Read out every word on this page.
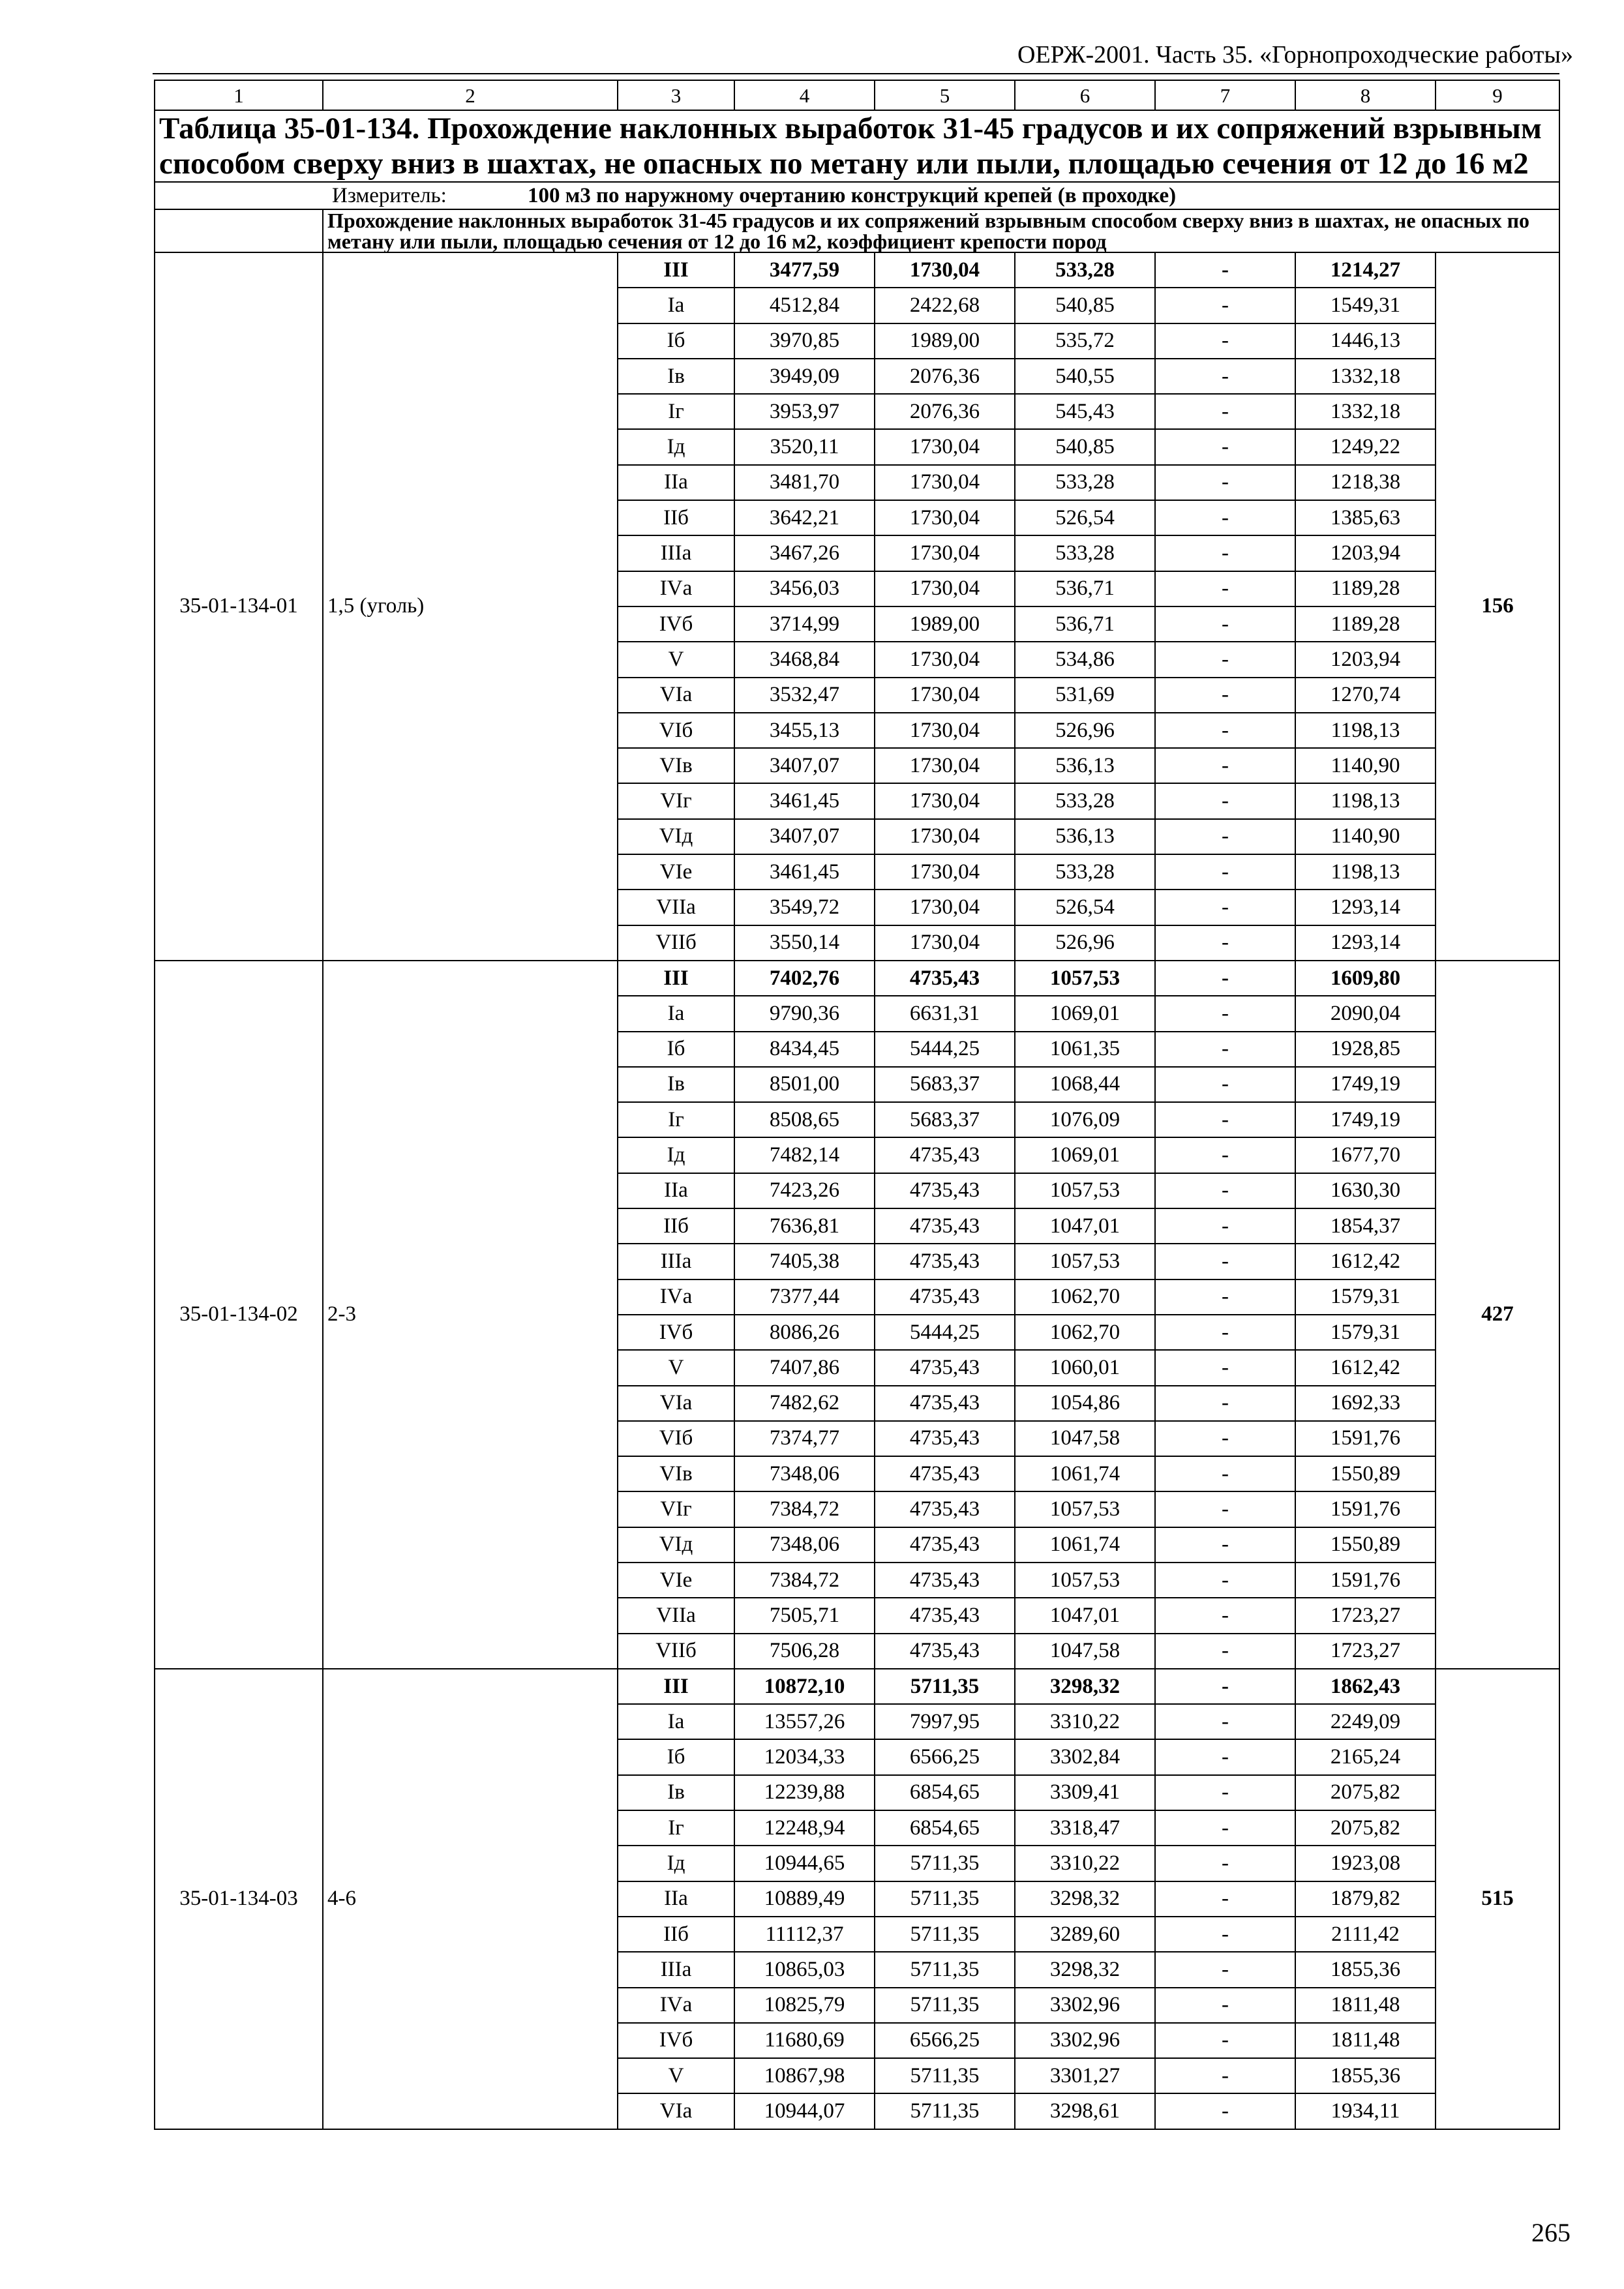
ОЕРЖ-2001. Часть 35. «Горнопроходческие работы»
1	2	3	4	5	6	7	8	9

Таблица 35-01-134. Прохождение наклонных выработок 31-45 градусов и их сопряжений взрывным способом сверху вниз в шахтах, не опасных по метану или пыли, площадью сечения от 12 до 16 м2								

Измеритель: 100 м3 по наружному очертанию конструкций крепей (в проходке)								
	Прохождение наклонных выработок 31-45 градусов и их сопряжений взрывным способом сверху вниз в шахтах, не опасных по метану или пыли, площадью сечения от 12 до 16 м2, коэффициент крепости пород							
35-01-134-01	1,5 (уголь)	III	3477,59	1730,04	533,28	-	1214,27	156
		Iа	4512,84	2422,68	540,85	-	1549,31	
		Iб	3970,85	1989,00	535,72	-	1446,13	
		Iв	3949,09	2076,36	540,55	-	1332,18	
		Iг	3953,97	2076,36	545,43	-	1332,18	
		Iд	3520,11	1730,04	540,85	-	1249,22	
		IIа	3481,70	1730,04	533,28	-	1218,38	
		IIб	3642,21	1730,04	526,54	-	1385,63	
		IIIа	3467,26	1730,04	533,28	-	1203,94	
		IVа	3456,03	1730,04	536,71	-	1189,28	
		IVб	3714,99	1989,00	536,71	-	1189,28	
		V	3468,84	1730,04	534,86	-	1203,94	
		VIа	3532,47	1730,04	531,69	-	1270,74	
		VIб	3455,13	1730,04	526,96	-	1198,13	
		VIв	3407,07	1730,04	536,13	-	1140,90	
		VIг	3461,45	1730,04	533,28	-	1198,13	
		VIд	3407,07	1730,04	536,13	-	1140,90	
		VIе	3461,45	1730,04	533,28	-	1198,13	
		VIIа	3549,72	1730,04	526,54	-	1293,14	
		VIIб	3550,14	1730,04	526,96	-	1293,14	
35-01-134-02	2-3	III	7402,76	4735,43	1057,53	-	1609,80	427
		Iа	9790,36	6631,31	1069,01	-	2090,04	
		Iб	8434,45	5444,25	1061,35	-	1928,85	
		Iв	8501,00	5683,37	1068,44	-	1749,19	
		Iг	8508,65	5683,37	1076,09	-	1749,19	
		Iд	7482,14	4735,43	1069,01	-	1677,70	
		IIа	7423,26	4735,43	1057,53	-	1630,30	
		IIб	7636,81	4735,43	1047,01	-	1854,37	
		IIIа	7405,38	4735,43	1057,53	-	1612,42	
		IVа	7377,44	4735,43	1062,70	-	1579,31	
		IVб	8086,26	5444,25	1062,70	-	1579,31	
		V	7407,86	4735,43	1060,01	-	1612,42	
		VIа	7482,62	4735,43	1054,86	-	1692,33	
		VIб	7374,77	4735,43	1047,58	-	1591,76	
		VIв	7348,06	4735,43	1061,74	-	1550,89	
		VIг	7384,72	4735,43	1057,53	-	1591,76	
		VIд	7348,06	4735,43	1061,74	-	1550,89	
		VIе	7384,72	4735,43	1057,53	-	1591,76	
		VIIа	7505,71	4735,43	1047,01	-	1723,27	
		VIIб	7506,28	4735,43	1047,58	-	1723,27	
35-01-134-03	4-6	III	10872,10	5711,35	3298,32	-	1862,43	515
		Iа	13557,26	7997,95	3310,22	-	2249,09	
		Iб	12034,33	6566,25	3302,84	-	2165,24	
		Iв	12239,88	6854,65	3309,41	-	2075,82	
		Iг	12248,94	6854,65	3318,47	-	2075,82	
		Iд	10944,65	5711,35	3310,22	-	1923,08	
		IIа	10889,49	5711,35	3298,32	-	1879,82	
		IIб	11112,37	5711,35	3289,60	-	2111,42	
		IIIа	10865,03	5711,35	3298,32	-	1855,36	
		IVа	10825,79	5711,35	3302,96	-	1811,48	
		IVб	11680,69	6566,25	3302,96	-	1811,48	
		V	10867,98	5711,35	3301,27	-	1855,36	
		VIа	10944,07	5711,35	3298,61	-	1934,11	
265
